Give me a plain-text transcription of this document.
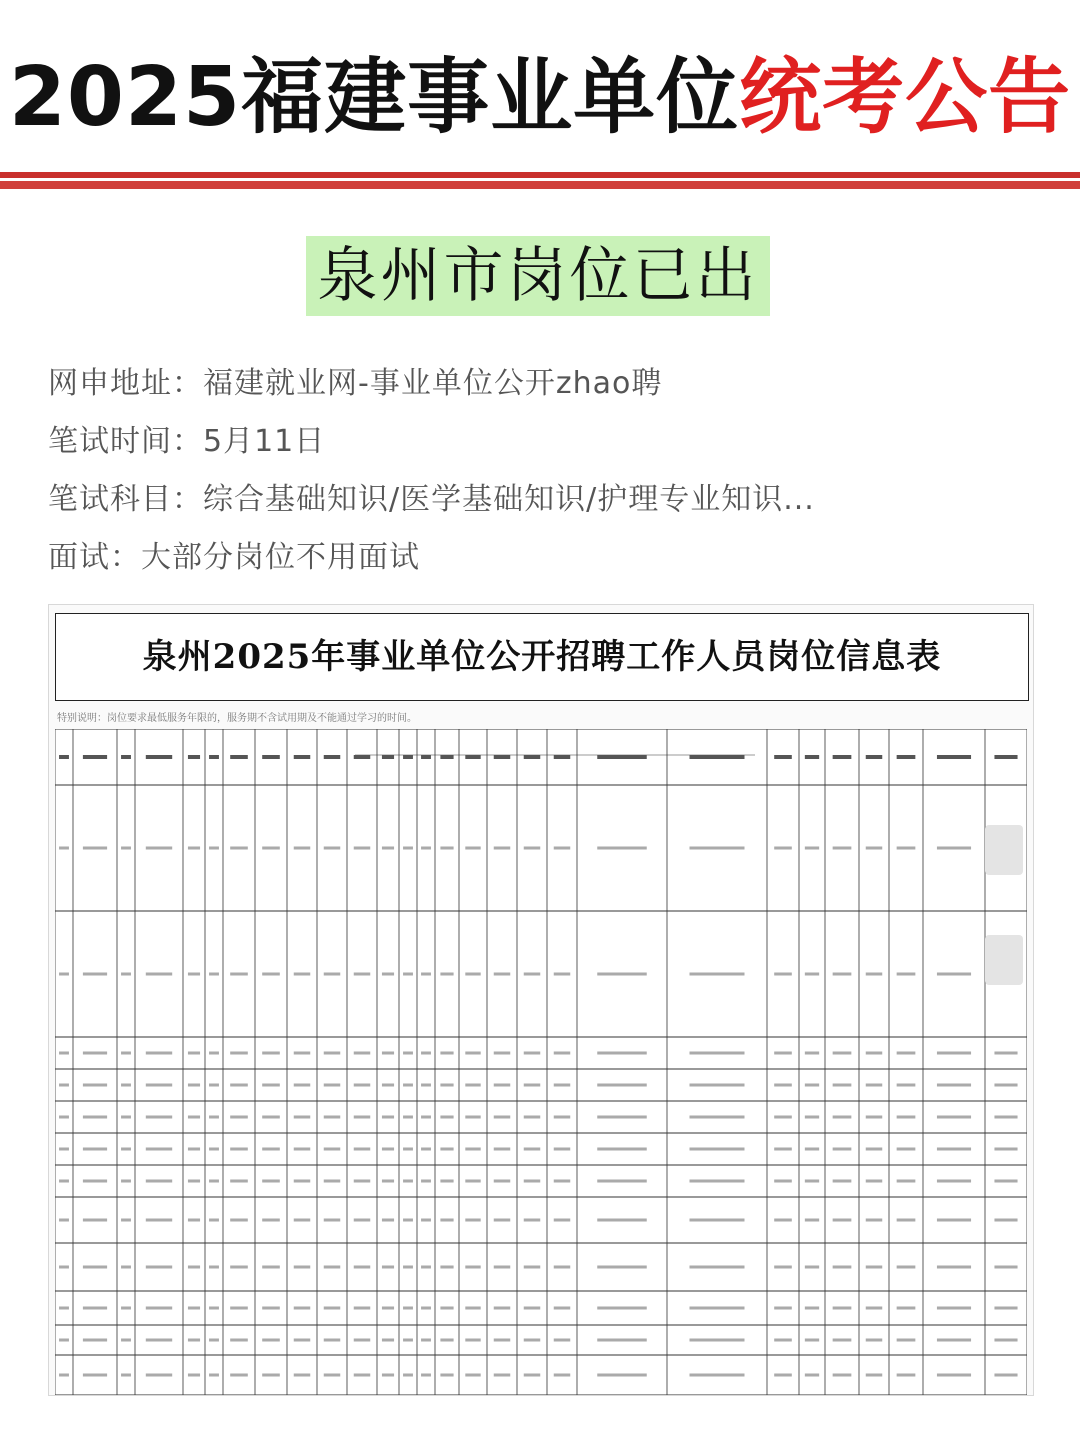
2025福建事业单位统考公告
泉州市岗位已出
网申地址：福建就业网-事业单位公开zhao聘
笔试时间：5月11日
笔试科目：综合基础知识/医学基础知识/护理专业知识...
面试：大部分岗位不用面试
泉州2025年事业单位公开招聘工作人员岗位信息表
特别说明：岗位要求最低服务年限的，服务期不含试用期及不能通过学习的时间。
